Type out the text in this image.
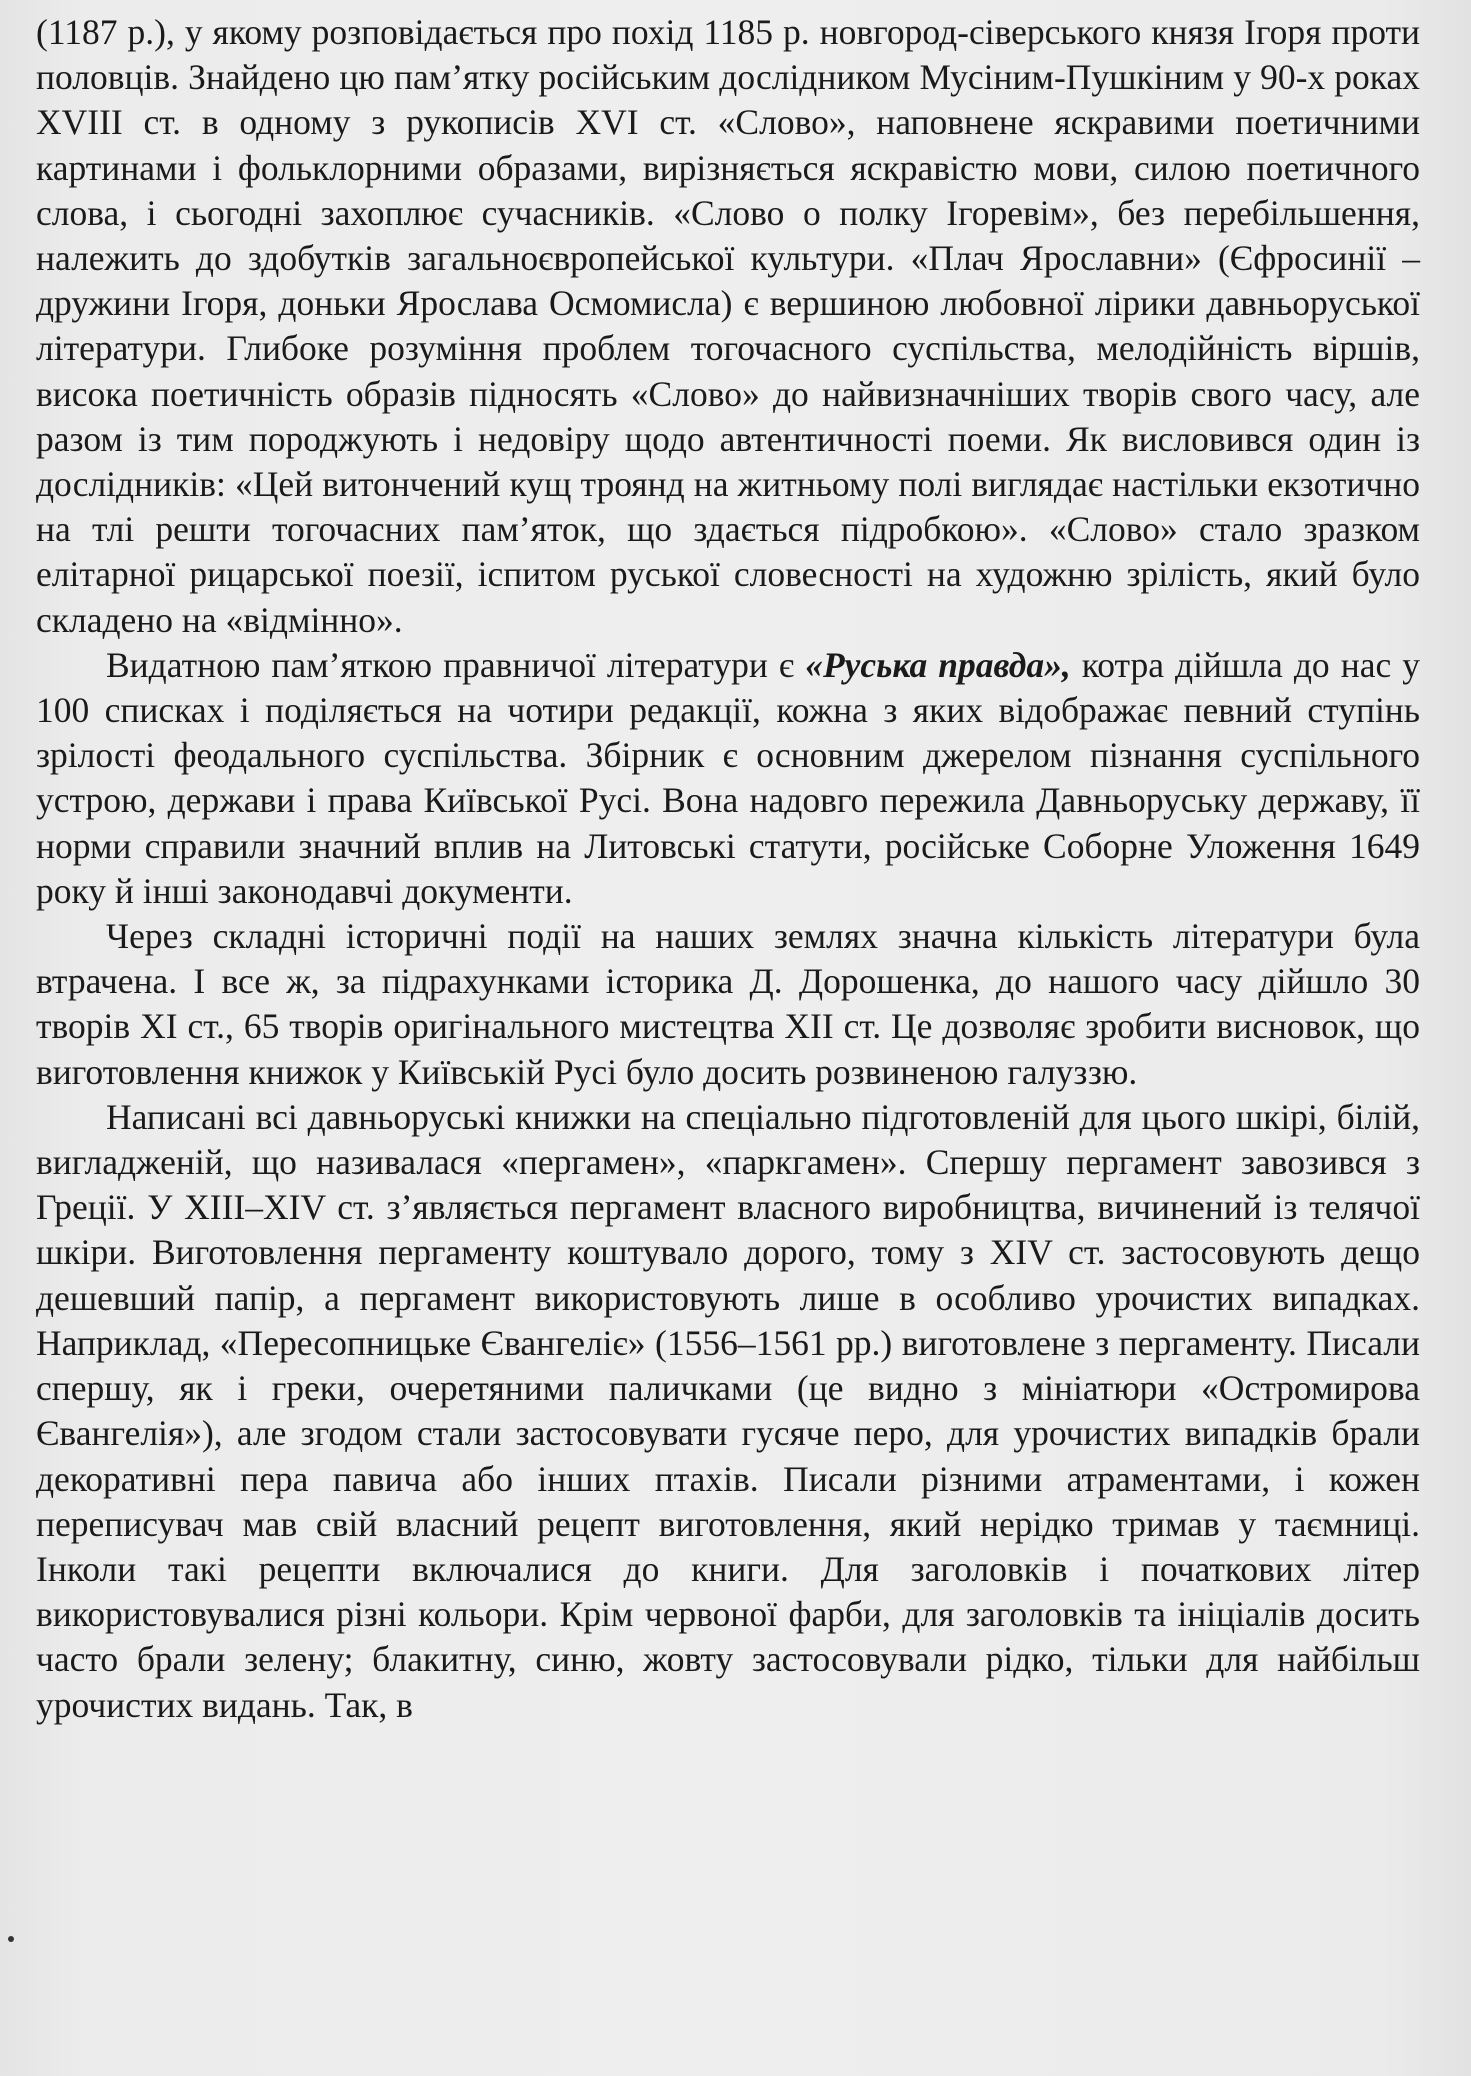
(1187 р.), у якому розповідається про похід 1185 р. новгород-сіверського князя Ігоря проти половців. Знайдено цю пам’ятку російським дослідником Мусіним-Пушкіним у 90-х роках XVIII ст. в одному з рукописів XVI ст. «Слово», наповнене яскравими поетичними картинами і фольклорними образами, вирізняється яскравістю мови, силою поетичного слова, і сьогодні захоплює сучасників. «Слово о полку Ігоревім», без перебільшення, належить до здобутків загальноєвропейської культури. «Плач Ярославни» (Єфросинії – дружини Ігоря, доньки Ярослава Осмомисла) є вершиною любовної лірики давньоруської літератури. Глибоке розуміння проблем тогочасного суспільства, мелодійність віршів, висока поетичність образів підносять «Слово» до найвизначніших творів свого часу, але разом із тим породжують і недовіру щодо автентичності поеми. Як висловився один із дослідників: «Цей витончений кущ троянд на житньому полі виглядає настільки екзотично на тлі решти тогочасних пам’яток, що здається підробкою». «Слово» стало зразком елітарної рицарської поезії, іспитом руської словесності на художню зрілість, який було складено на «відмінно».

Видатною пам’яткою правничої літератури є «Руська правда», котра дійшла до нас у 100 списках і поділяється на чотири редакції, кожна з яких відображає певний ступінь зрілості феодального суспільства. Збірник є основним джерелом пізнання суспільного устрою, держави і права Київської Русі. Вона надовго пережила Давньоруську державу, її норми справили значний вплив на Литовські статути, російське Соборне Уложення 1649 року й інші законодавчі документи.

Через складні історичні події на наших землях значна кількість літератури була втрачена. І все ж, за підрахунками історика Д. Дорошенка, до нашого часу дійшло 30 творів XI ст., 65 творів оригінального мистецтва XII ст. Це дозволяє зробити висновок, що виготовлення книжок у Київській Русі було досить розвиненою галуззю.

Написані всі давньоруські книжки на спеціально підготовленій для цього шкірі, білій, вигладженій, що називалася «пергамен», «паркгамен». Спершу пергамент завозився з Греції. У XIII–XIV ст. з’являється пергамент власного виробництва, вичинений із телячої шкіри. Виготовлення пергаменту коштувало дорого, тому з XIV ст. застосовують дещо дешевший папір, а пергамент використовують лише в особливо урочистих випадках. Наприклад, «Пересопницьке Євангеліє» (1556–1561 рр.) виготовлене з пергаменту. Писали спершу, як і греки, очеретяними паличками (це видно з мініатюри «Остромирова Євангелія»), але згодом стали застосовувати гусяче перо, для урочистих випадків брали декоративні пера павича або інших птахів. Писали різними атраментами, і кожен переписувач мав свій власний рецепт виготовлення, який нерідко тримав у таємниці. Інколи такі рецепти включалися до книги. Для заголовків і початкових літер використовувалися різні кольори. Крім червоної фарби, для заголовків та ініціалів досить часто брали зелену; блакитну, синю, жовту застосовували рідко, тільки для найбільш урочистих видань. Так, в
